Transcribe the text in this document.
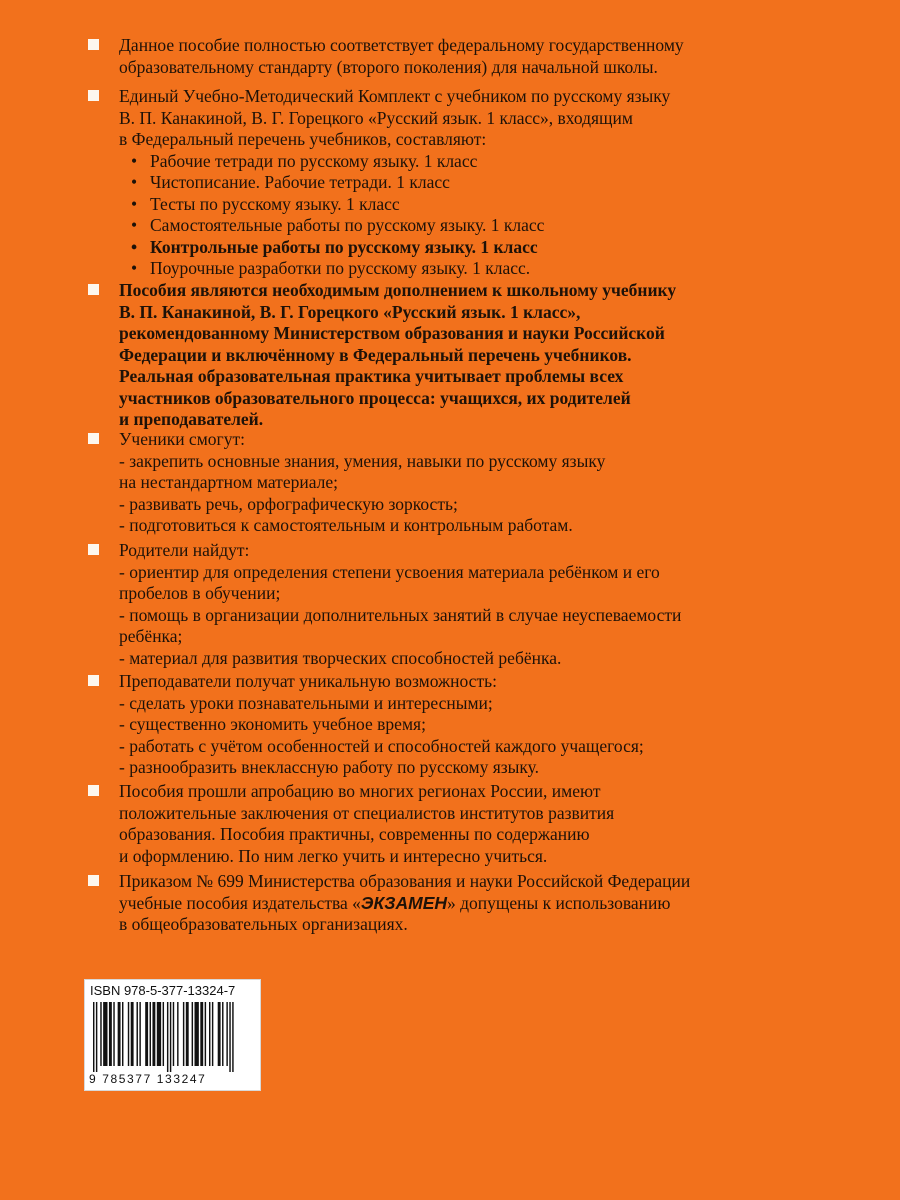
Данное пособие полностью соответствует федеральному государственному
образовательному стандарту (второго поколения) для начальной школы.
Единый Учебно-Методический Комплект с учебником по русскому языку
В. П. Канакиной, В. Г. Горецкого «Русский язык. 1 класс», входящим
в Федеральный перечень учебников, составляют:
• Рабочие тетради по русскому языку. 1 класс
• Чистописание. Рабочие тетради. 1 класс
• Тесты по русскому языку. 1 класс
• Самостоятельные работы по русскому языку. 1 класс
• Контрольные работы по русскому языку. 1 класс
• Поурочные разработки по русскому языку. 1 класс.
Пособия являются необходимым дополнением к школьному учебнику
В. П. Канакиной, В. Г. Горецкого «Русский язык. 1 класс»,
рекомендованному Министерством образования и науки Российской
Федерации и включённому в Федеральный перечень учебников.
Реальная образовательная практика учитывает проблемы всех
участников образовательного процесса: учащихся, их родителей
и преподавателей.
Ученики смогут:
- закрепить основные знания, умения, навыки по русскому языку
на нестандартном материале;
- развивать речь, орфографическую зоркость;
- подготовиться к самостоятельным и контрольным работам.
Родители найдут:
- ориентир для определения степени усвоения материала ребёнком и его
пробелов в обучении;
- помощь в организации дополнительных занятий в случае неуспеваемости
ребёнка;
- материал для развития творческих способностей ребёнка.
Преподаватели получат уникальную возможность:
- сделать уроки познавательными и интересными;
- существенно экономить учебное время;
- работать с учётом особенностей и способностей каждого учащегося;
- разнообразить внеклассную работу по русскому языку.
Пособия прошли апробацию во многих регионах России, имеют
положительные заключения от специалистов институтов развития
образования. Пособия практичны, современны по содержанию
и оформлению. По ним легко учить и интересно учиться.
Приказом № 699 Министерства образования и науки Российской Федерации
учебные пособия издательства «ЭКЗАМЕН» допущены к использованию
в общеобразовательных организациях.
ISBN 978-5-377-13324-7
9 785377 133247
